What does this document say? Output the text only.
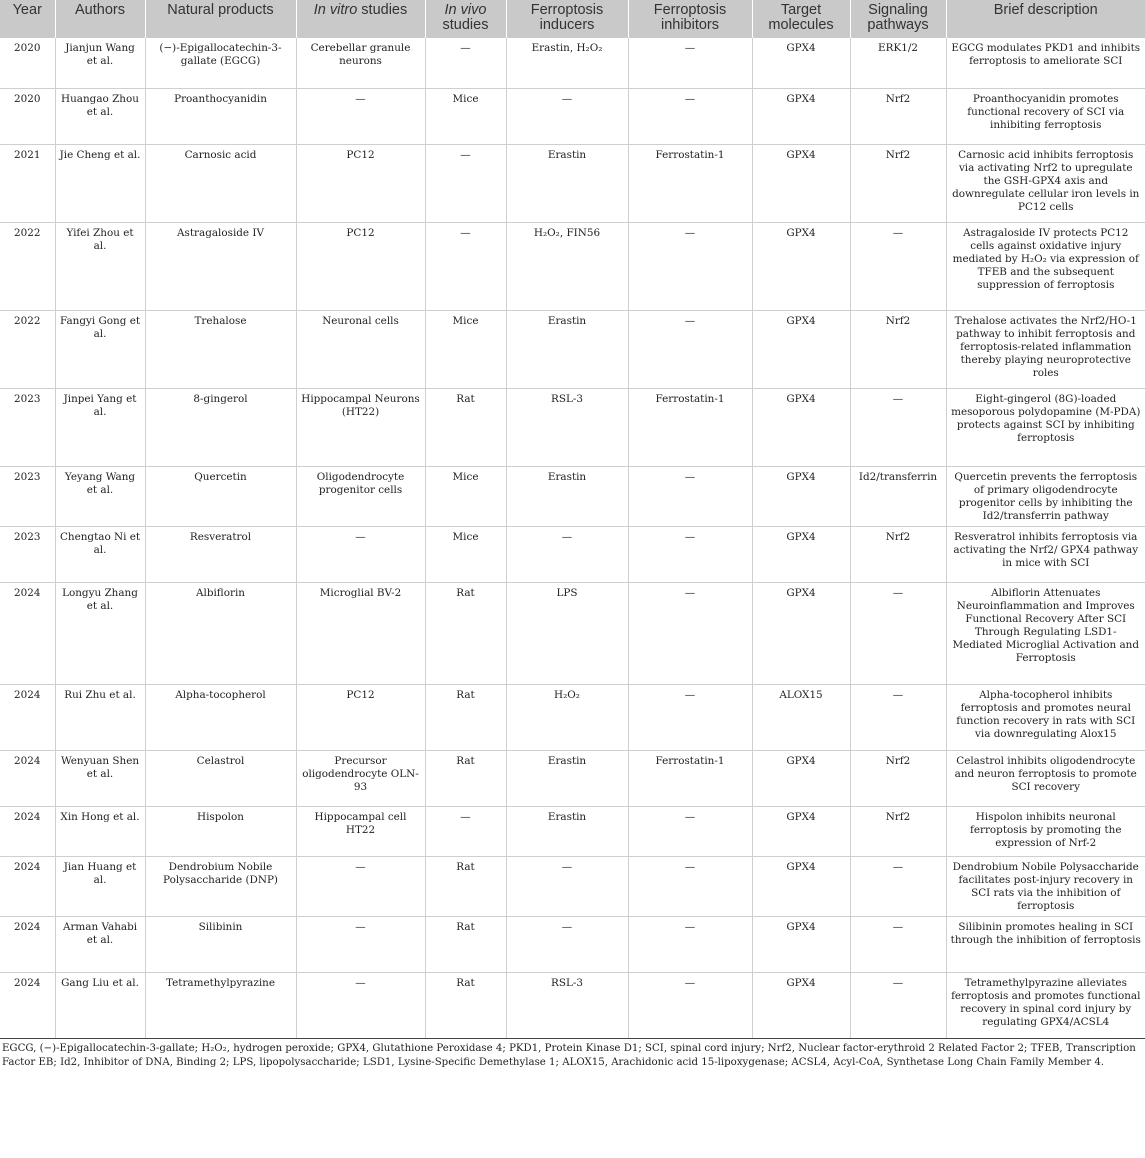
Year	Authors	Natural products	In vitro studies	In vivo studies	Ferroptosis inducers	Ferroptosis inhibitors	Target molecules	Signaling pathways	Brief description
2020	Jianjun Wang et al.	(−)-Epigallocatechin-3-gallate (EGCG)	Cerebellar granule neurons	—	Erastin, H₂O₂	—	GPX4	ERK1/2	EGCG modulates PKD1 and inhibits ferroptosis to ameliorate SCI
2020	Huangao Zhou et al.	Proanthocyanidin	—	Mice	—	—	GPX4	Nrf2	Proanthocyanidin promotes functional recovery of SCI via inhibiting ferroptosis
2021	Jie Cheng et al.	Carnosic acid	PC12	—	Erastin	Ferrostatin-1	GPX4	Nrf2	Carnosic acid inhibits ferroptosis via activating Nrf2 to upregulate the GSH-GPX4 axis and downregulate cellular iron levels in PC12 cells
2022	Yifei Zhou et al.	Astragaloside IV	PC12	—	H₂O₂, FIN56	—	GPX4	—	Astragaloside IV protects PC12 cells against oxidative injury mediated by H₂O₂ via expression of TFEB and the subsequent suppression of ferroptosis
2022	Fangyi Gong et al.	Trehalose	Neuronal cells	Mice	Erastin	—	GPX4	Nrf2	Trehalose activates the Nrf2/HO-1 pathway to inhibit ferroptosis and ferroptosis-related inflammation thereby playing neuroprotective roles
2023	Jinpei Yang et al.	8-gingerol	Hippocampal Neurons (HT22)	Rat	RSL-3	Ferrostatin-1	GPX4	—	Eight-gingerol (8G)-loaded mesoporous polydopamine (M-PDA) protects against SCI by inhibiting ferroptosis
2023	Yeyang Wang et al.	Quercetin	Oligodendrocyte progenitor cells	Mice	Erastin	—	GPX4	Id2/transferrin	Quercetin prevents the ferroptosis of primary oligodendrocyte progenitor cells by inhibiting the Id2/transferrin pathway
2023	Chengtao Ni et al.	Resveratrol	—	Mice	—	—	GPX4	Nrf2	Resveratrol inhibits ferroptosis via activating the Nrf2/ GPX4 pathway in mice with SCI
2024	Longyu Zhang et al.	Albiflorin	Microglial BV-2	Rat	LPS	—	GPX4	—	Albiflorin Attenuates Neuroinflammation and Improves Functional Recovery After SCI Through Regulating LSD1-Mediated Microglial Activation and Ferroptosis
2024	Rui Zhu et al.	Alpha-tocopherol	PC12	Rat	H₂O₂	—	ALOX15	—	Alpha-tocopherol inhibits ferroptosis and promotes neural function recovery in rats with SCI via downregulating Alox15
2024	Wenyuan Shen et al.	Celastrol	Precursor oligodendrocyte OLN-93	Rat	Erastin	Ferrostatin-1	GPX4	Nrf2	Celastrol inhibits oligodendrocyte and neuron ferroptosis to promote SCI recovery
2024	Xin Hong et al.	Hispolon	Hippocampal cell HT22	—	Erastin	—	GPX4	Nrf2	Hispolon inhibits neuronal ferroptosis by promoting the expression of Nrf-2
2024	Jian Huang et al.	Dendrobium Nobile Polysaccharide (DNP)	—	Rat	—	—	GPX4	—	Dendrobium Nobile Polysaccharide facilitates post-injury recovery in SCI rats via the inhibition of ferroptosis
2024	Arman Vahabi et al.	Silibinin	—	Rat	—	—	GPX4	—	Silibinin promotes healing in SCI through the inhibition of ferroptosis
2024	Gang Liu et al.	Tetramethylpyrazine	—	Rat	RSL-3	—	GPX4	—	Tetramethylpyrazine alleviates ferroptosis and promotes functional recovery in spinal cord injury by regulating GPX4/ACSL4
EGCG, (−)-Epigallocatechin-3-gallate; H₂O₂, hydrogen peroxide; GPX4, Glutathione Peroxidase 4; PKD1, Protein Kinase D1; SCI, spinal cord injury; Nrf2, Nuclear factor-erythroid 2 Related Factor 2; TFEB, Transcription Factor EB; Id2, Inhibitor of DNA, Binding 2; LPS, lipopolysaccharide; LSD1, Lysine-Specific Demethylase 1; ALOX15, Arachidonic acid 15-lipoxygenase; ACSL4, Acyl-CoA, Synthetase Long Chain Family Member 4.
